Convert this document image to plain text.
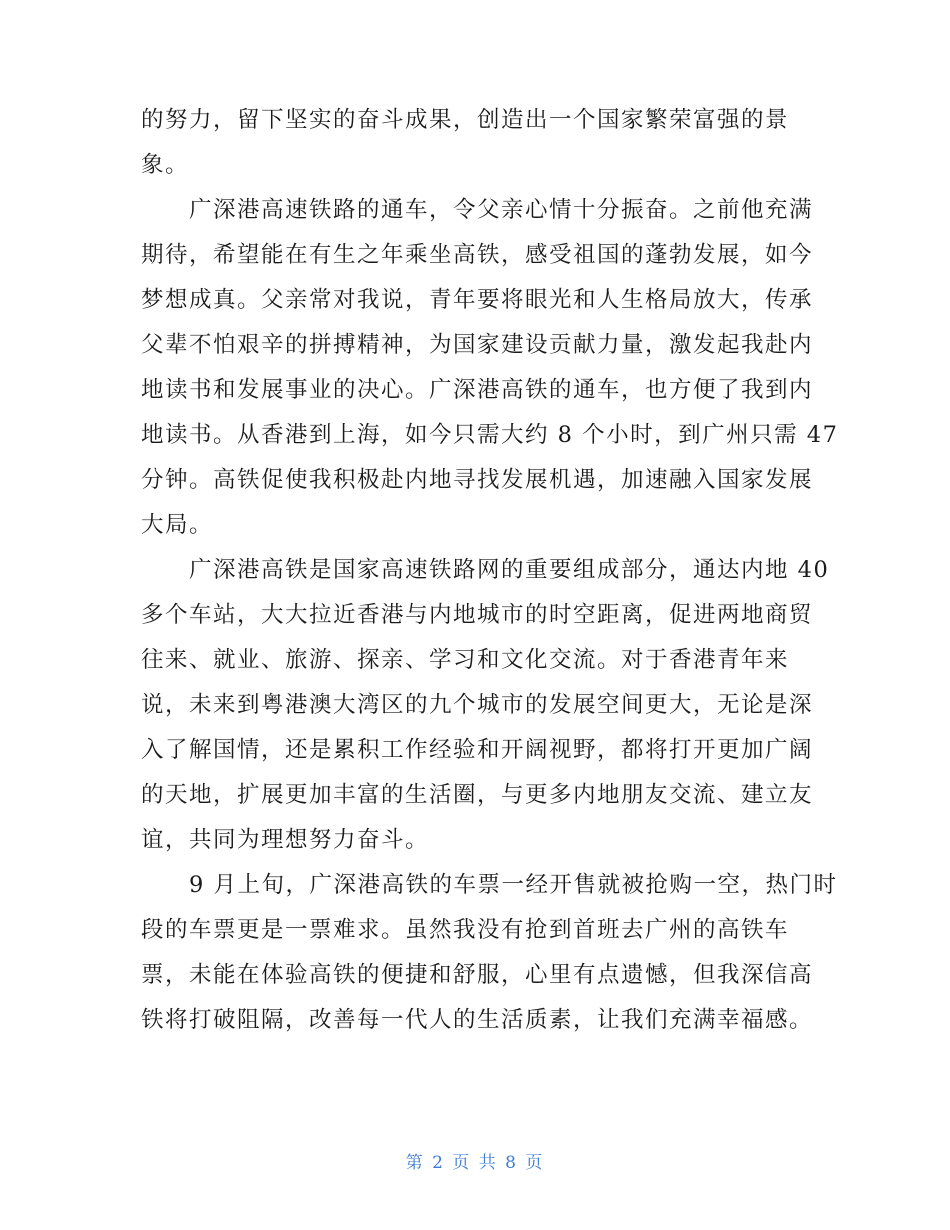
的努力，留下坚实的奋斗成果，创造出一个国家繁荣富强的景
象。
　　广深港高速铁路的通车，令父亲心情十分振奋。之前他充满
期待，希望能在有生之年乘坐高铁，感受祖国的蓬勃发展，如今
梦想成真。父亲常对我说，青年要将眼光和人生格局放大，传承
父辈不怕艰辛的拼搏精神，为国家建设贡献力量，激发起我赴内
地读书和发展事业的决心。广深港高铁的通车，也方便了我到内
地读书。从香港到上海，如今只需大约 8 个小时，到广州只需 47
分钟。高铁促使我积极赴内地寻找发展机遇，加速融入国家发展
大局。
　　广深港高铁是国家高速铁路网的重要组成部分，通达内地 40
多个车站，大大拉近香港与内地城市的时空距离，促进两地商贸
往来、就业、旅游、探亲、学习和文化交流。对于香港青年来
说，未来到粤港澳大湾区的九个城市的发展空间更大，无论是深
入了解国情，还是累积工作经验和开阔视野，都将打开更加广阔
的天地，扩展更加丰富的生活圈，与更多内地朋友交流、建立友
谊，共同为理想努力奋斗。
　　9 月上旬，广深港高铁的车票一经开售就被抢购一空，热门时
段的车票更是一票难求。虽然我没有抢到首班去广州的高铁车
票，未能在体验高铁的便捷和舒服，心里有点遗憾，但我深信高
铁将打破阻隔，改善每一代人的生活质素，让我们充满幸福感。
第 2 页 共 8 页
